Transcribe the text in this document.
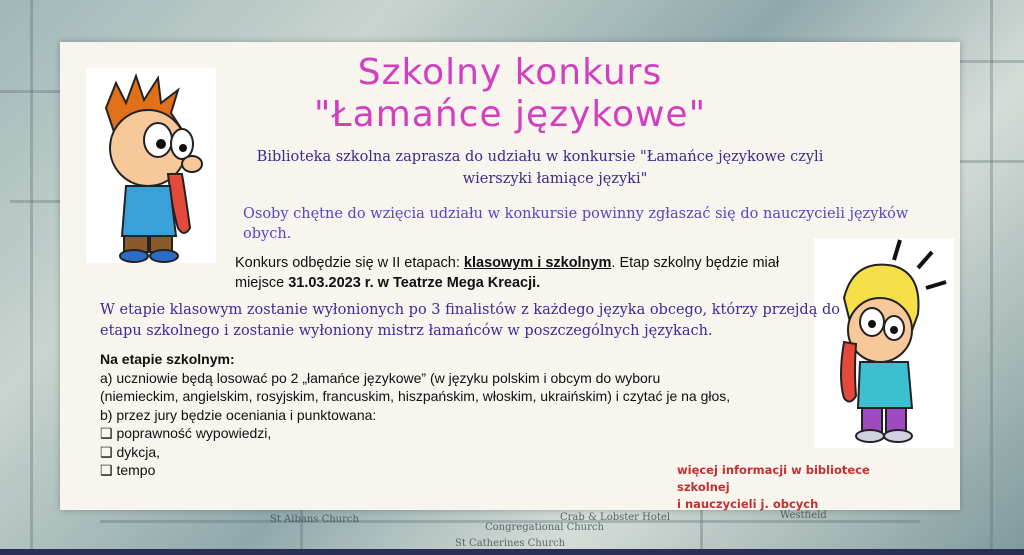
St Albans Church
Congregational Church
St Catherines Church
Westfield
Crab & Lobster Hotel
Szkolny konkurs
"Łamańce językowe"
Biblioteka szkolna zaprasza do udziału w konkursie "Łamańce językowe czyli
wierszyki łamiące języki"
Osoby chętne do wzięcia udziału w konkursie powinny zgłaszać się do nauczycieli języków obych.
Konkurs odbędzie się w II etapach: klasowym i szkolnym. Etap szkolny będzie miał miejsce 31.03.2023 r. w Teatrze Mega Kreacji.
W etapie klasowym zostanie wyłonionych po 3 finalistów z każdego języka obcego, którzy przejdą do etapu szkolnego i zostanie wyłoniony mistrz łamańców w poszczególnych językach.
Na etapie szkolnym:
a) uczniowie będą losować po 2 „łamańce językowe” (w języku polskim i obcym do wyboru
(niemieckim, angielskim, rosyjskim, francuskim, hiszpańskim, włoskim, ukraińskim) i czytać je na głos,
b) przez jury będzie oceniania i punktowana:
❑ poprawność wypowiedzi,
❑ dykcja,
❑ tempo	więcej informacji w bibliotece szkolnej
i nauczycieli j. obcych
